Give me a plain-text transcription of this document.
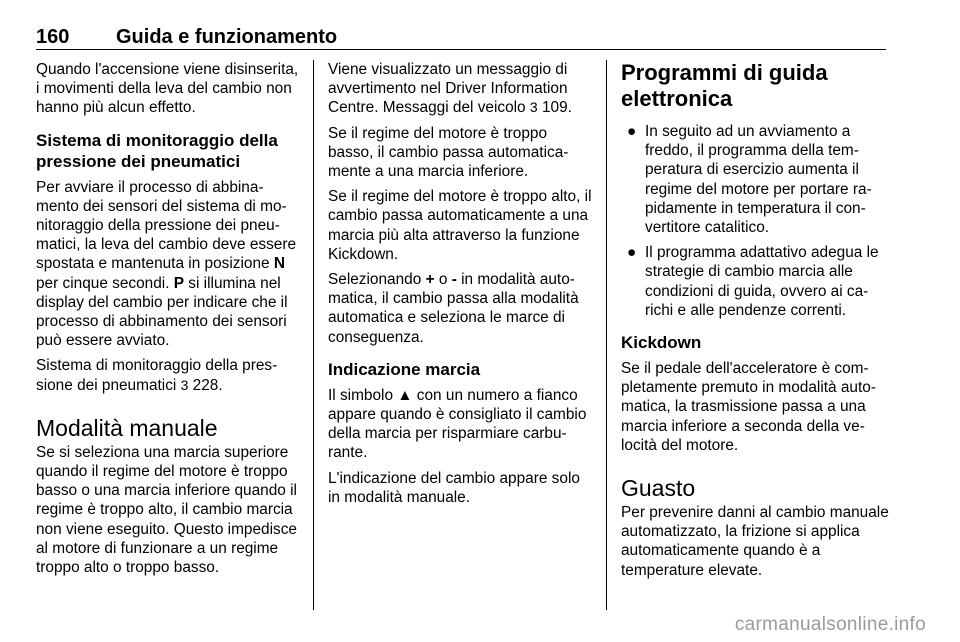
160 Guida e funzionamento

Quando l'accensione viene disinserita, i movimenti della leva del cambio non hanno più alcun effetto.

Sistema di monitoraggio della pressione dei pneumatici

Per avviare il processo di abbinamento dei sensori del sistema di monitoraggio della pressione dei pneumatici, la leva del cambio deve essere spostata e mantenuta in posizione N per cinque secondi. P si illumina nel display del cambio per indicare che il processo di abbinamento dei sensori può essere avviato.

Sistema di monitoraggio della pressione dei pneumatici 3 228.

Modalità manuale

Se si seleziona una marcia superiore quando il regime del motore è troppo basso o una marcia inferiore quando il regime è troppo alto, il cambio marcia non viene eseguito. Questo impedisce al motore di funzionare a un regime troppo alto o troppo basso.

Viene visualizzato un messaggio di avvertimento nel Driver Information Centre. Messaggi del veicolo 3 109.

Se il regime del motore è troppo basso, il cambio passa automaticamente a una marcia inferiore.

Se il regime del motore è troppo alto, il cambio passa automaticamente a una marcia più alta attraverso la funzione Kickdown.

Selezionando + o - in modalità automatica, il cambio passa alla modalità automatica e seleziona le marce di conseguenza.

Indicazione marcia

Il simbolo ▲ con un numero a fianco appare quando è consigliato il cambio della marcia per risparmiare carburante.

L'indicazione del cambio appare solo in modalità manuale.

Programmi di guida elettronica
● In seguito ad un avviamento a freddo, il programma della temperatura di esercizio aumenta il regime del motore per portare rapidamente in temperatura il convertitore catalitico.
● Il programma adattativo adegua le strategie di cambio marcia alle condizioni di guida, ovvero ai carichi e alle pendenze correnti.
Kickdown

Se il pedale dell'acceleratore è completamente premuto in modalità automatica, la trasmissione passa a una marcia inferiore a seconda della velocità del motore.

Guasto

Per prevenire danni al cambio manuale automatizzato, la frizione si applica automaticamente quando è a temperature elevate.

carmanualsonline.info
